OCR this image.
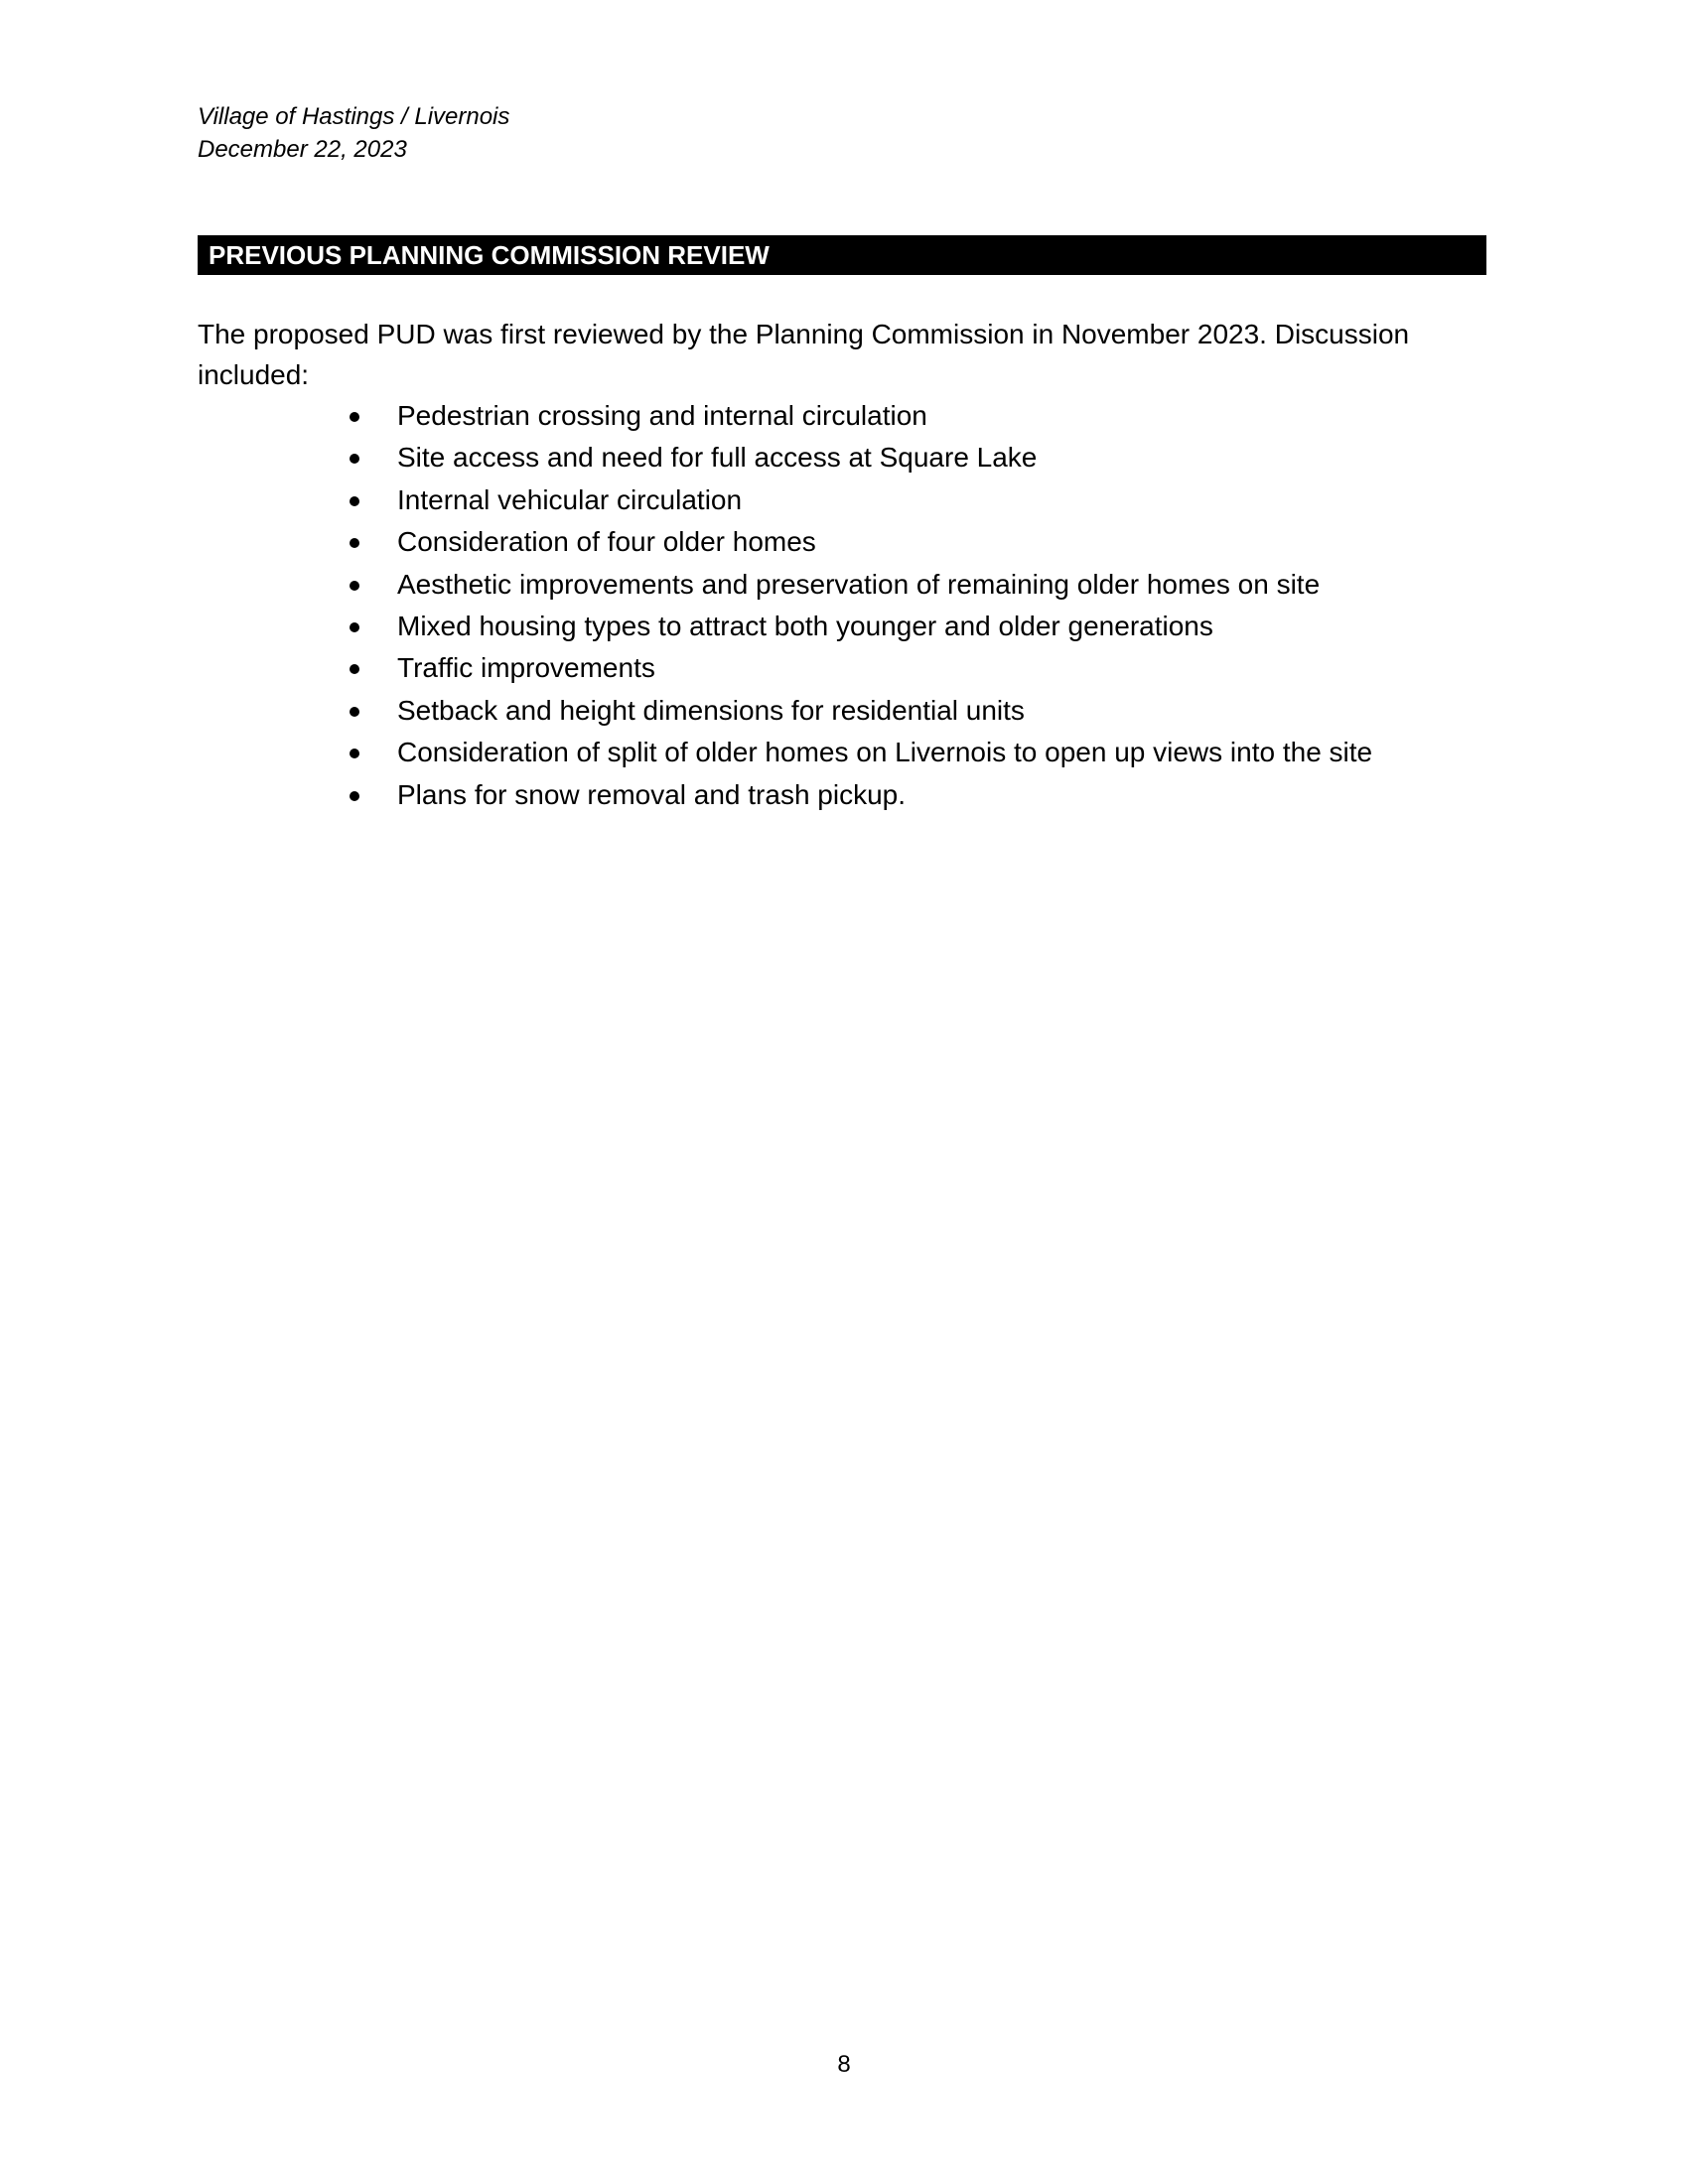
Village of Hastings / Livernois
December 22, 2023
PREVIOUS PLANNING COMMISSION REVIEW
The proposed PUD was first reviewed by the Planning Commission in November 2023. Discussion included:
Pedestrian crossing and internal circulation
Site access and need for full access at Square Lake
Internal vehicular circulation
Consideration of four older homes
Aesthetic improvements and preservation of remaining older homes on site
Mixed housing types to attract both younger and older generations
Traffic improvements
Setback and height dimensions for residential units
Consideration of split of older homes on Livernois to open up views into the site
Plans for snow removal and trash pickup.
8
